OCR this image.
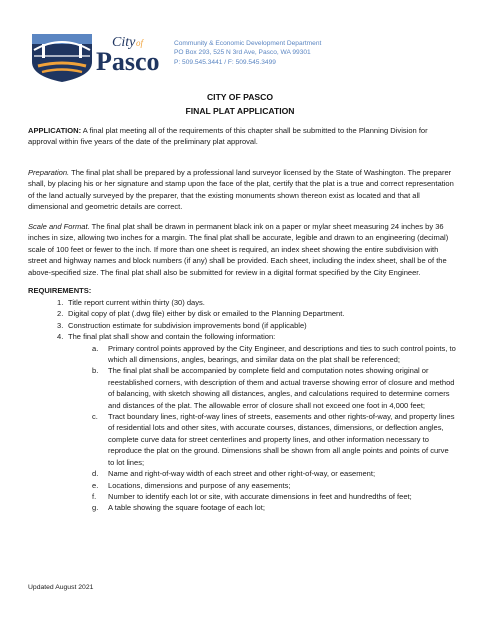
City of
Pasco
Community & Economic Development Department
PO Box 293, 525 N 3rd Ave, Pasco, WA 99301
P: 509.545.3441 / F: 509.545.3499
CITY OF PASCO
FINAL PLAT APPLICATION

APPLICATION: A final plat meeting all of the requirements of this chapter shall be submitted to the Planning Division for approval within five years of the date of the preliminary plat approval.

Preparation. The final plat shall be prepared by a professional land surveyor licensed by the State of Washington. The preparer shall, by placing his or her signature and stamp upon the face of the plat, certify that the plat is a true and correct representation of the land actually surveyed by the preparer, that the existing monuments shown thereon exist as located and that all dimensional and geometric details are correct.

Scale and Format. The final plat shall be drawn in permanent black ink on a paper or mylar sheet measuring 24 inches by 36 inches in size, allowing two inches for a margin. The final plat shall be accurate, legible and drawn to an engineering (decimal) scale of 100 feet or fewer to the inch. If more than one sheet is required, an index sheet showing the entire subdivision with street and highway names and block numbers (if any) shall be provided. Each sheet, including the index sheet, shall be of the above-specified size. The final plat shall also be submitted for review in a digital format specified by the City Engineer.

REQUIREMENTS:
1. Title report current within thirty (30) days.
2. Digital copy of plat (.dwg file) either by disk or emailed to the Planning Department.
3. Construction estimate for subdivision improvements bond (if applicable)
4. The final plat shall show and contain the following information:
a. Primary control points approved by the City Engineer, and descriptions and ties to such control points, to which all dimensions, angles, bearings, and similar data on the plat shall be referenced;
b. The final plat shall be accompanied by complete field and computation notes showing original or reestablished corners, with description of them and actual traverse showing error of closure and method of balancing, with sketch showing all distances, angles, and calculations required to determine corners and distances of the plat. The allowable error of closure shall not exceed one foot in 4,000 feet;
c. Tract boundary lines, right-of-way lines of streets, easements and other rights-of-way, and property lines of residential lots and other sites, with accurate courses, distances, dimensions, or deflection angles, complete curve data for street centerlines and property lines, and other information necessary to reproduce the plat on the ground. Dimensions shall be shown from all angle points and points of curve to lot lines;
d. Name and right-of-way width of each street and other right-of-way, or easement;
e. Locations, dimensions and purpose of any easements;
f. Number to identify each lot or site, with accurate dimensions in feet and hundredths of feet;
g. A table showing the square footage of each lot;
Updated August 2021
